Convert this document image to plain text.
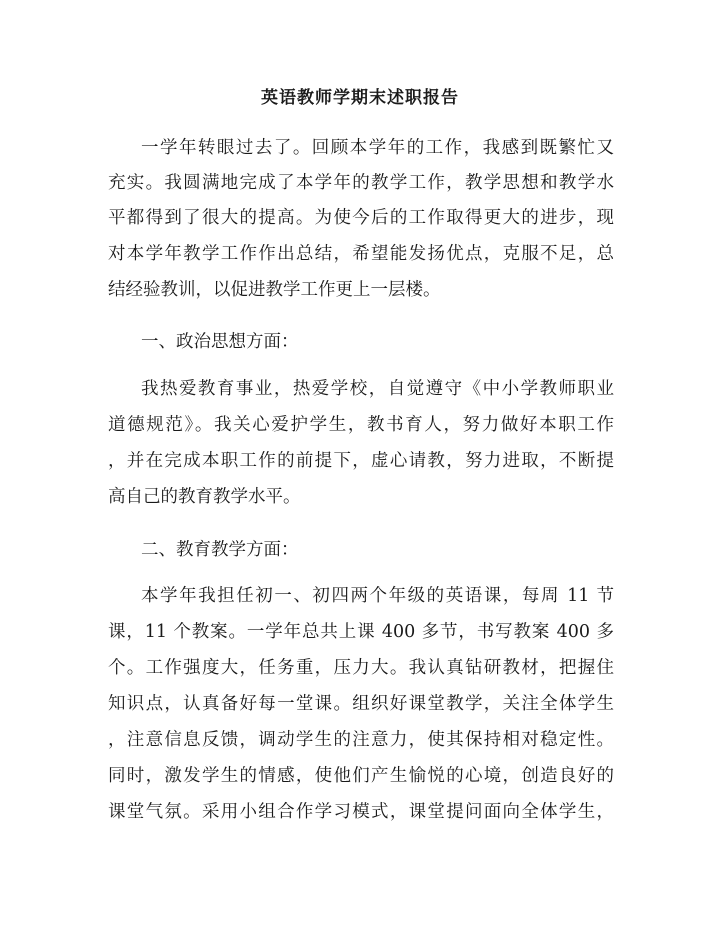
英语教师学期末述职报告
一学年转眼过去了。回顾本学年的工作，我感到既繁忙又
充实。我圆满地完成了本学年的教学工作，教学思想和教学水
平都得到了很大的提高。为使今后的工作取得更大的进步，现
对本学年教学工作作出总结，希望能发扬优点，克服不足，总
结经验教训，以促进教学工作更上一层楼。
一、政治思想方面：
我热爱教育事业，热爱学校，自觉遵守《中小学教师职业
道德规范》。我关心爱护学生，教书育人，努力做好本职工作
，并在完成本职工作的前提下，虚心请教，努力进取，不断提
高自己的教育教学水平。
二、教育教学方面：
本学年我担任初一、初四两个年级的英语课，每周 11 节
课，11 个教案。一学年总共上课 400 多节，书写教案 400 多
个。工作强度大，任务重，压力大。我认真钻研教材，把握住
知识点，认真备好每一堂课。组织好课堂教学，关注全体学生
，注意信息反馈，调动学生的注意力，使其保持相对稳定性。
同时，激发学生的情感，使他们产生愉悦的心境，创造良好的
课堂气氛。采用小组合作学习模式，课堂提问面向全体学生，
